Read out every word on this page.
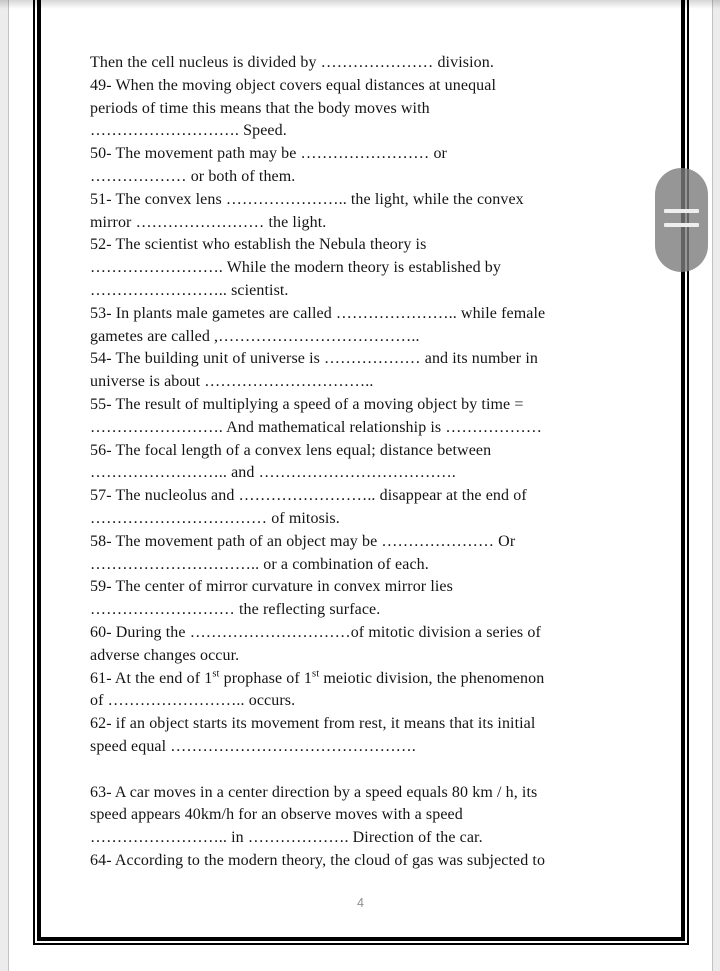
Then the cell nucleus is divided by ………………… division.
49- When the moving object covers equal distances at unequal
periods of time this means that the body moves with
………………………. Speed.
50- The movement path may be …………………… or
……………… or both of them.
51- The convex lens ………………….. the light, while the convex
mirror …………………… the light.
52- The scientist who establish the Nebula theory is
……………………. While the modern theory is established by
…………………….. scientist.
53- In plants male gametes are called ………………….. while female
gametes are called ,………………………………..
54- The building unit of universe is ……………… and its number in
universe is about …………………………..
55- The result of multiplying a speed of a moving object by time =
……………………. And mathematical relationship is ………………
56- The focal length of a convex lens equal; distance between
…………………….. and ……………………………….
57- The nucleolus and …………………….. disappear at the end of
…………………………… of mitosis.
58- The movement path of an object may be ………………… Or
………………………….. or a combination of each.
59- The center of mirror curvature in convex mirror lies
……………………… the reflecting surface.
60- During the …………………………of mitotic division a series of
adverse changes occur.
61- At the end of 1st prophase of 1st meiotic division, the phenomenon
of …………………….. occurs.
62- if an object starts its movement from rest, it means that its initial
speed equal ……………………………………….

63- A car moves in a center direction by a speed equals 80 km / h, its
speed appears 40km/h for an observe moves with a speed
…………………….. in ………………. Direction of the car.
64- According to the modern theory, the cloud of gas was subjected to
4
